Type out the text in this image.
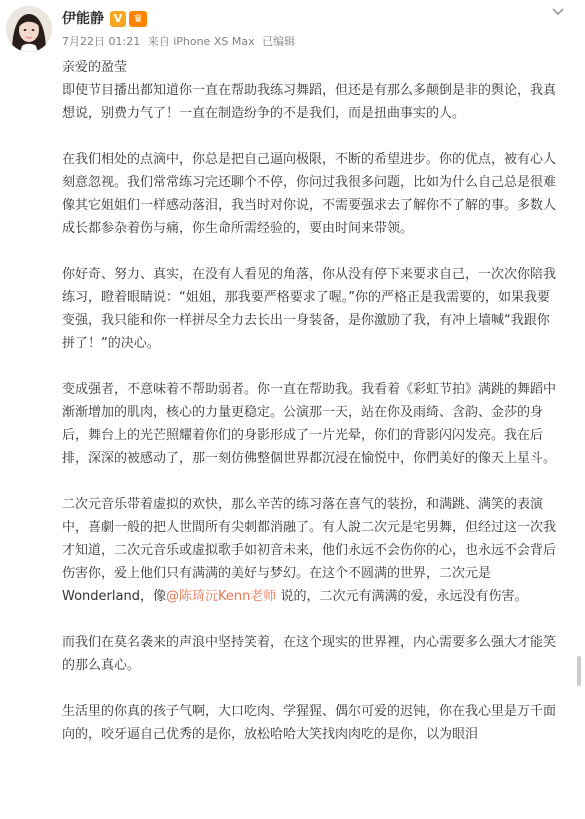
伊能静 V ♛
7月22日 01:21 来自 iPhone XS Max 已编辑

亲爱的盈莹

即使节目播出都知道你一直在帮助我练习舞蹈，但还是有那么多颠倒是非的舆论，我真想说，别费力气了！一直在制造纷争的不是我们，而是扭曲事实的人。

在我们相处的点滴中，你总是把自己逼向极限，不断的希望进步。你的优点，被有心人刻意忽视。我们常常练习完还聊个不停，你问过我很多问题，比如为什么自己总是很难像其它姐姐们一样感动落泪，我当时对你说，不需要强求去了解你不了解的事。多数人成长都参杂着伤与痛，你生命所需经验的，要由时间来带领。

你好奇、努力、真实，在没有人看见的角落，你从没有停下来要求自己，一次次你陪我练习，瞪着眼睛说：“姐姐，那我要严格要求了喔。”你的严格正是我需要的，如果我要变强，我只能和你一样拼尽全力去长出一身装备，是你激励了我，有冲上墙喊“我跟你拼了！”的决心。

变成强者，不意味着不帮助弱者。你一直在帮助我。我看着《彩虹节拍》满跳的舞蹈中渐渐增加的肌肉，核心的力量更稳定。公演那一天，站在你及雨绮、含韵、金莎的身后，舞台上的光芒照耀着你们的身影形成了一片光晕，你们的背影闪闪发亮。我在后排，深深的被感动了，那一刻仿佛整個世界都沉浸在愉悦中，你們美好的像天上星斗。

二次元音乐带着虚拟的欢快，那么辛苦的练习落在喜气的装扮，和满跳、满笑的表演中，喜劇一般的把人世間所有尖刺都消融了。有人說二次元是宅男舞，但经过这一次我才知道，二次元音乐或虚拟歌手如初音未来，他们永远不会伤你的心，也永远不会背后伤害你，爱上他们只有满满的美好与梦幻。在这个不圆满的世界，二次元是Wonderland，像@陈琦沅Kenn老师 说的，二次元有满满的爱，永远没有伤害。

而我们在莫名袭来的声浪中坚持笑着，在这个现实的世界裡，内心需要多么强大才能笑的那么真心。

生活里的你真的孩子气啊，大口吃肉、学猩猩、偶尔可爱的迟钝，你在我心里是万千面向的，咬牙逼自己优秀的是你，放松哈哈大笑找肉肉吃的是你，以为眼泪
